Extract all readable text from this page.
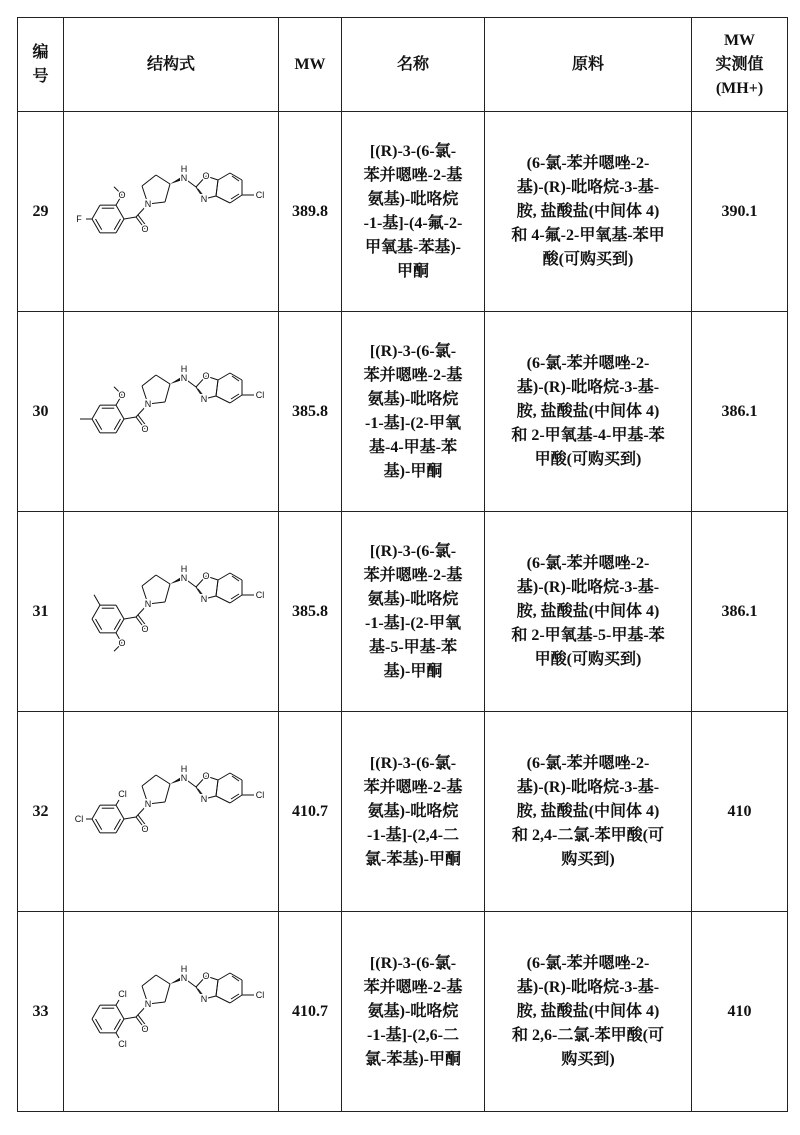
编
号
	结构式	MW	名称	原料	
MW
实测值
(MH+)

29	
O
F
N
O
N
H
O
N	Cl
	389.8	
[(R)-3-(6-氯-
苯并嗯唑-2-基
氨基)-吡咯烷
-1-基]-(4-氟-2-
甲氧基-苯基)-
甲酮

(6-氯-苯并嗯唑-2-
基)-(R)-吡咯烷-3-基-
胺, 盐酸盐(中间体 4)
和 4-氟-2-甲氧基-苯甲
酸(可购买到)
	390.1
30	
O
N
O
N
H
O
N	Cl
	385.8	
[(R)-3-(6-氯-
苯并嗯唑-2-基
氨基)-吡咯烷
-1-基]-(2-甲氧
基-4-甲基-苯
基)-甲酮

(6-氯-苯并嗯唑-2-
基)-(R)-吡咯烷-3-基-
胺, 盐酸盐(中间体 4)
和 2-甲氧基-4-甲基-苯
甲酸(可购买到)
	386.1
31	
O
N
O
N
H
O
N	Cl
	385.8	
[(R)-3-(6-氯-
苯并嗯唑-2-基
氨基)-吡咯烷
-1-基]-(2-甲氧
基-5-甲基-苯
基)-甲酮

(6-氯-苯并嗯唑-2-
基)-(R)-吡咯烷-3-基-
胺, 盐酸盐(中间体 4)
和 2-甲氧基-5-甲基-苯
甲酸(可购买到)
	386.1
32	
Cl
Cl
N
O
N
H
O
N	Cl
	410.7	
[(R)-3-(6-氯-
苯并嗯唑-2-基
氨基)-吡咯烷
-1-基]-(2,4-二
氯-苯基)-甲酮

(6-氯-苯并嗯唑-2-
基)-(R)-吡咯烷-3-基-
胺, 盐酸盐(中间体 4)
和 2,4-二氯-苯甲酸(可
购买到)
	410
33	
Cl
Cl
N
O
N
H
O
N	Cl
	410.7	
[(R)-3-(6-氯-
苯并嗯唑-2-基
氨基)-吡咯烷
-1-基]-(2,6-二
氯-苯基)-甲酮

(6-氯-苯并嗯唑-2-
基)-(R)-吡咯烷-3-基-
胺, 盐酸盐(中间体 4)
和 2,6-二氯-苯甲酸(可
购买到)
	410
